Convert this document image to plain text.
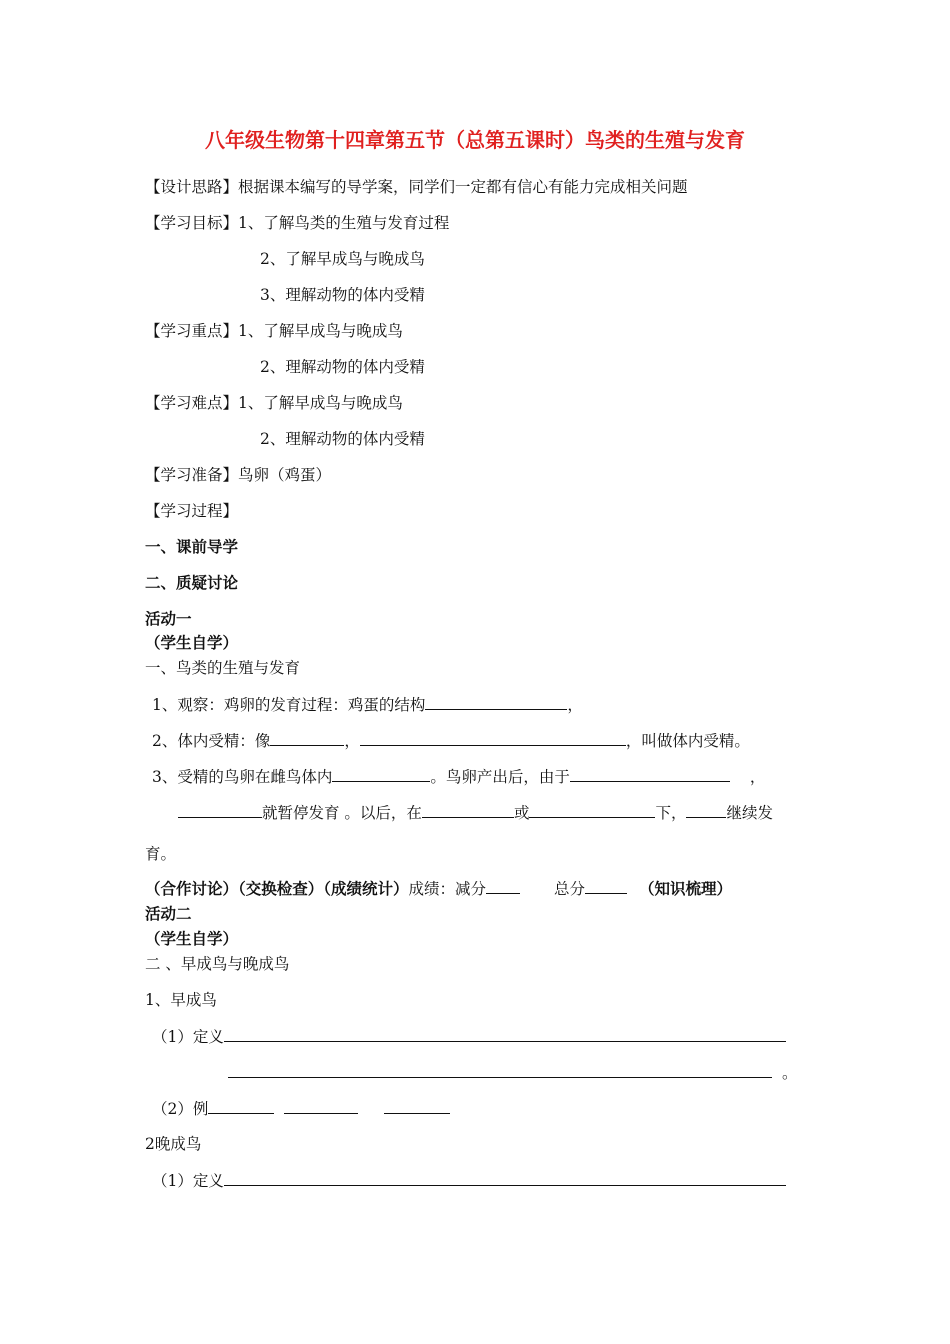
八年级生物第十四章第五节（总第五课时）鸟类的生殖与发育
【设计思路】根据课本编写的导学案，同学们一定都有信心有能力完成相关问题
【学习目标】1、了解鸟类的生殖与发育过程
2、了解早成鸟与晚成鸟
3、理解动物的体内受精
【学习重点】1、了解早成鸟与晚成鸟
2、理解动物的体内受精
【学习难点】1、了解早成鸟与晚成鸟
2、理解动物的体内受精
【学习准备】鸟卵（鸡蛋）
【学习过程】
一、课前导学
二、质疑讨论
活动一
（学生自学）
一、鸟类的生殖与发育
1、观察：鸡卵的发育过程：鸡蛋的结构	，
2、体内受精：像	，	，叫做体内受精。
3、受精的鸟卵在雌鸟体内	。鸟卵产出后，由于	，
就暂停发育 。以后，在	或	下，	继续发
育。
（合作讨论）（交换检查）（成绩统计）成绩：减分	总分	（知识梳理）
活动二
（学生自学）
二 、早成鸟与晚成鸟
1、早成鸟
（1）定义
。
（2）例
2晚成鸟
（1）定义
